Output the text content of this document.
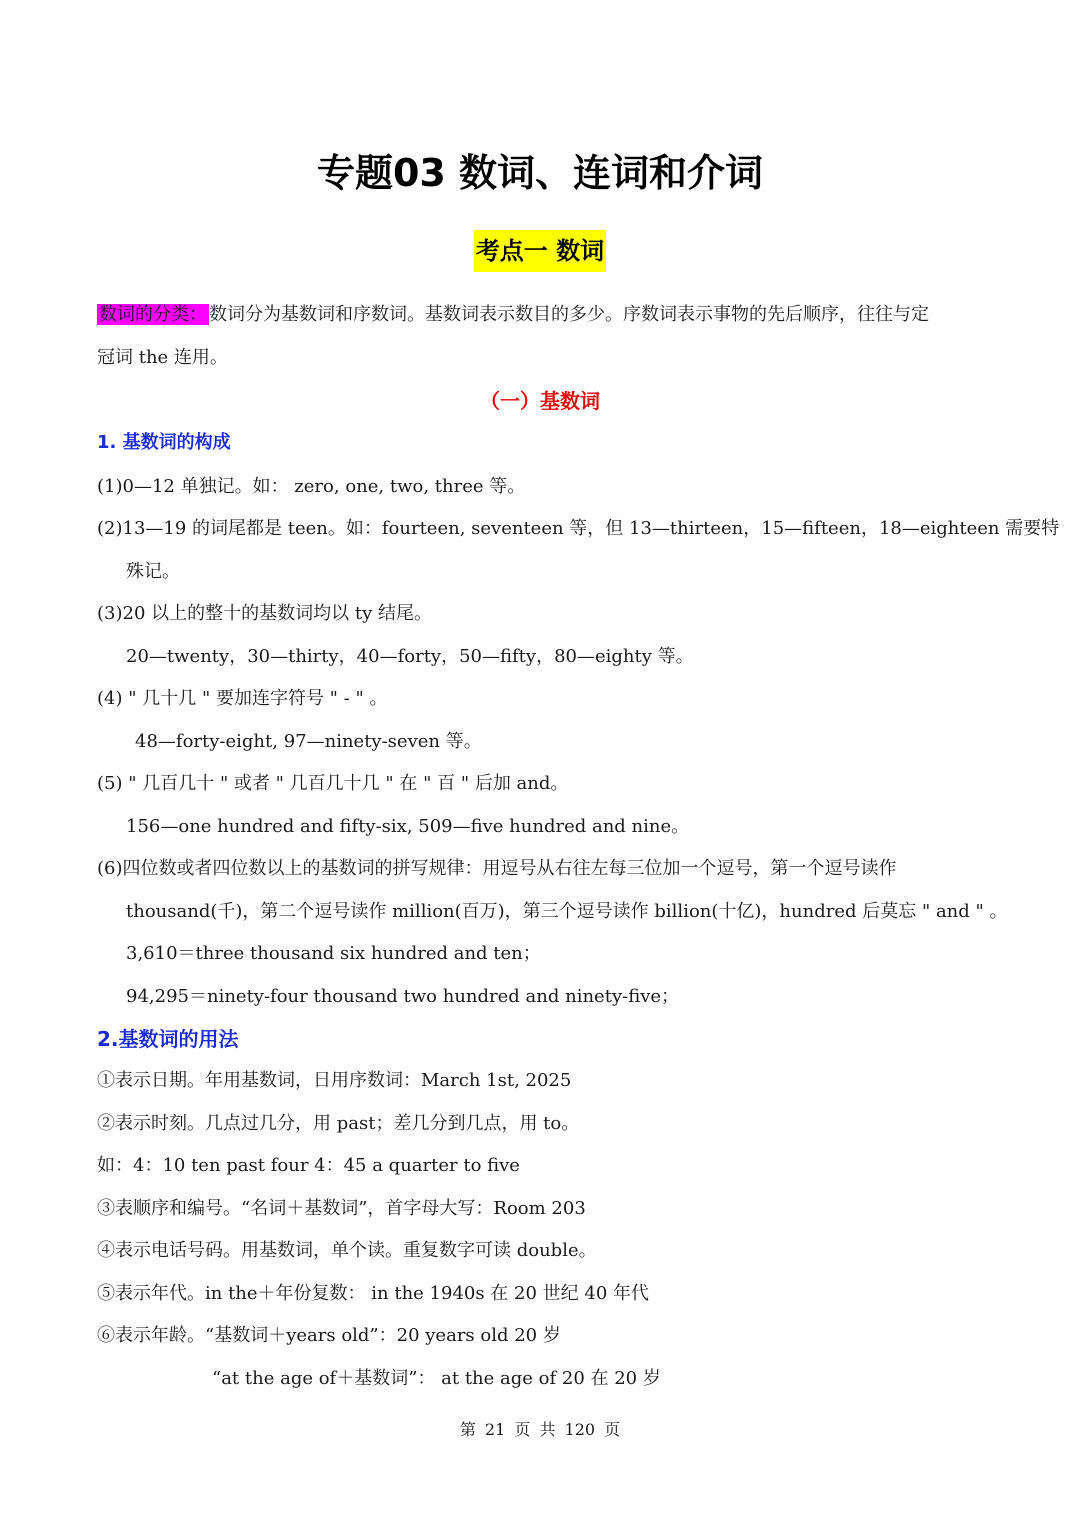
专题03 数词、连词和介词
考点一 数词
数词的分类： 数词分为基数词和序数词。基数词表示数目的多少。序数词表示事物的先后顺序，往往与定
冠词 the 连用。
（一）基数词
1. 基数词的构成
(1)0—12 单独记。如： zero, one, two, three 等。
(2)13—19 的词尾都是 teen。如：fourteen, seventeen 等，但 13—thirteen，15—fifteen，18—eighteen 需要特
殊记。
(3)20 以上的整十的基数词均以 ty 结尾。
20—twenty，30—thirty，40—forty，50—fifty，80—eighty 等。
(4) " 几十几 " 要加连字符号 " - " 。
48—forty-eight, 97—ninety-seven 等。
(5) " 几百几十 " 或者 " 几百几十几 " 在 " 百 " 后加 and。
156—one hundred and fifty-six, 509—five hundred and nine。
(6)四位数或者四位数以上的基数词的拼写规律：用逗号从右往左每三位加一个逗号，第一个逗号读作
thousand(千)，第二个逗号读作 million(百万)，第三个逗号读作 billion(十亿)，hundred 后莫忘 " and " 。
3,610＝three thousand six hundred and ten；
94,295＝ninety-four thousand two hundred and ninety-five；
2.基数词的用法
①表示日期。年用基数词，日用序数词：March 1st, 2025
②表示时刻。几点过几分，用 past；差几分到几点，用 to。
如：4：10 ten past four 4：45 a quarter to five
③表顺序和编号。“名词＋基数词”，首字母大写：Room 203
④表示电话号码。用基数词，单个读。重复数字可读 double。
⑤表示年代。in the＋年份复数： in the 1940s 在 20 世纪 40 年代
⑥表示年龄。“基数词＋years old”：20 years old 20 岁
“at the age of＋基数词”： at the age of 20 在 20 岁
第 21 页 共 120 页
